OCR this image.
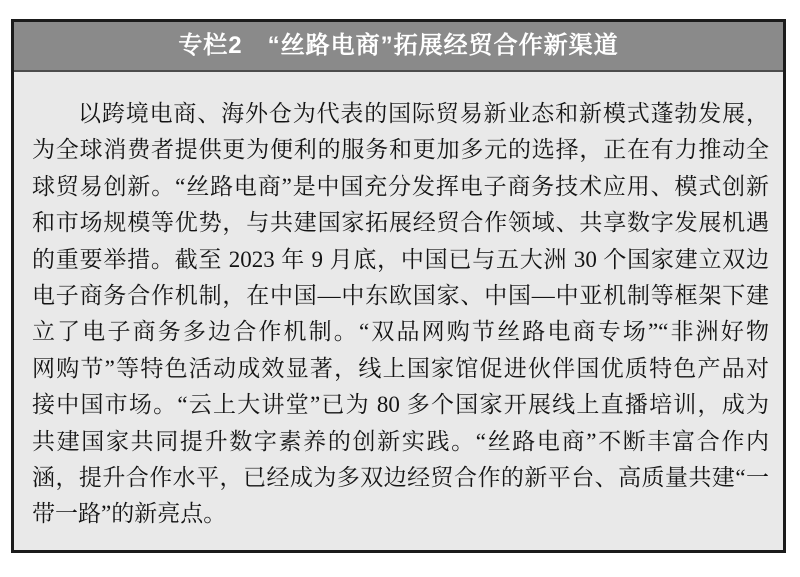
专栏2　“丝路电商”拓展经贸合作新渠道

以跨境电商、海外仓为代表的国际贸易新业态和新模式蓬勃发展，

为全球消费者提供更为便利的服务和更加多元的选择，正在有力推动全

球贸易创新。“丝路电商”是中国充分发挥电子商务技术应用、模式创新

和市场规模等优势，与共建国家拓展经贸合作领域、共享数字发展机遇

的重要举措。截至 2023 年 9 月底，中国已与五大洲 30 个国家建立双边

电子商务合作机制，在中国—中东欧国家、中国—中亚机制等框架下建

立了电子商务多边合作机制。“双品网购节丝路电商专场”“非洲好物

网购节”等特色活动成效显著，线上国家馆促进伙伴国优质特色产品对

接中国市场。“云上大讲堂”已为 80 多个国家开展线上直播培训，成为

共建国家共同提升数字素养的创新实践。“丝路电商”不断丰富合作内

涵，提升合作水平，已经成为多双边经贸合作的新平台、高质量共建“一

带一路”的新亮点。
